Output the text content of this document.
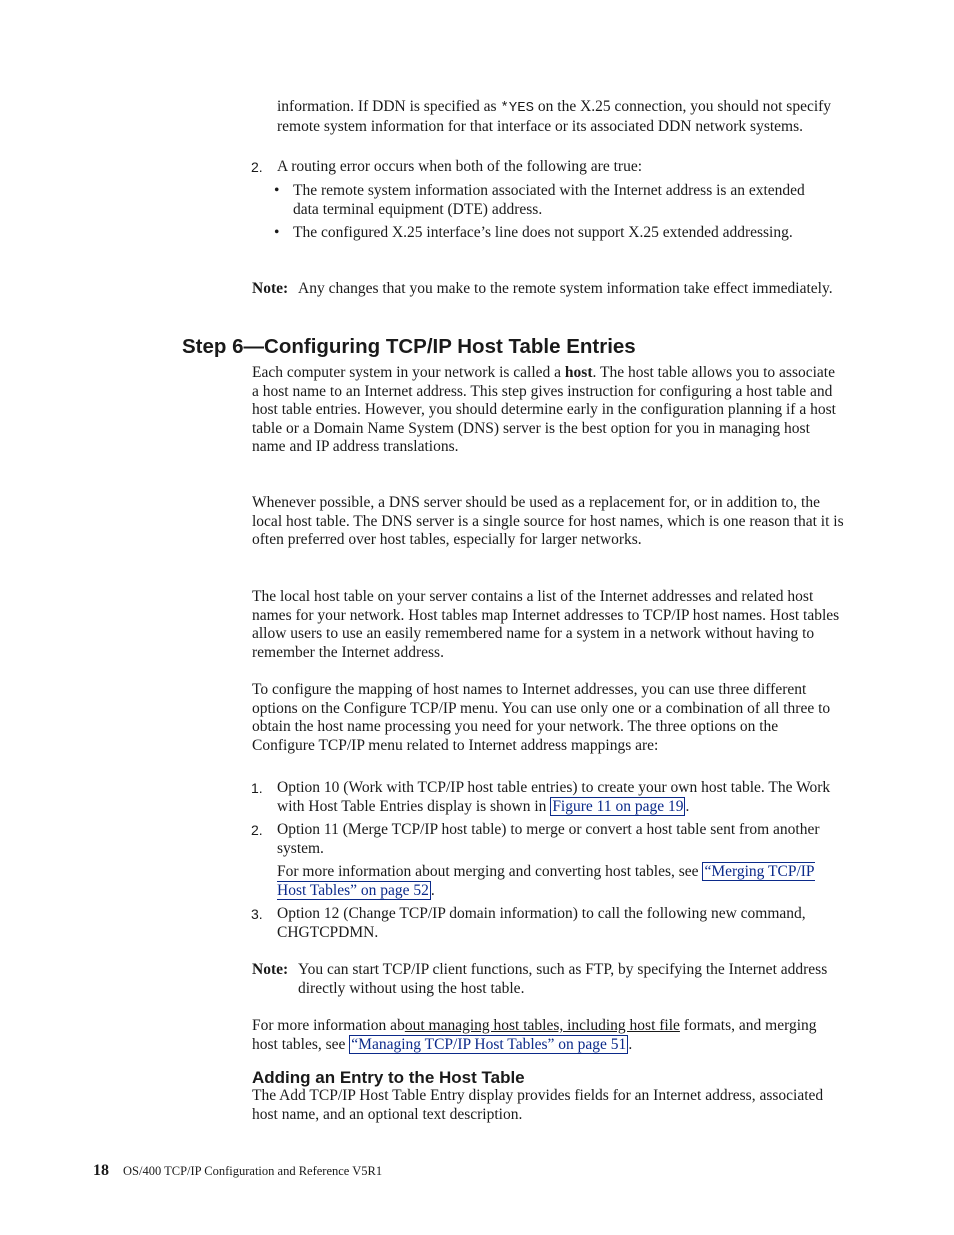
information. If DDN is specified as *YES on the X.25 connection, you should not specify remote system information for that interface or its associated DDN network systems.
2. A routing error occurs when both of the following are true:
• The remote system information associated with the Internet address is an extended data terminal equipment (DTE) address.
• The configured X.25 interface’s line does not support X.25 extended addressing.
Note: Any changes that you make to the remote system information take effect immediately.
Step 6—Configuring TCP/IP Host Table Entries
Each computer system in your network is called a host. The host table allows you to associate a host name to an Internet address. This step gives instruction for configuring a host table and host table entries. However, you should determine early in the configuration planning if a host table or a Domain Name System (DNS) server is the best option for you in managing host name and IP address translations.
Whenever possible, a DNS server should be used as a replacement for, or in addition to, the local host table. The DNS server is a single source for host names, which is one reason that it is often preferred over host tables, especially for larger networks.
The local host table on your server contains a list of the Internet addresses and related host names for your network. Host tables map Internet addresses to TCP/IP host names. Host tables allow users to use an easily remembered name for a system in a network without having to remember the Internet address.
To configure the mapping of host names to Internet addresses, you can use three different options on the Configure TCP/IP menu. You can use only one or a combination of all three to obtain the host name processing you need for your network. The three options on the Configure TCP/IP menu related to Internet address mappings are:
1. Option 10 (Work with TCP/IP host table entries) to create your own host table. The Work with Host Table Entries display is shown in Figure 11 on page 19 .
2. Option 11 (Merge TCP/IP host table) to merge or convert a host table sent from another system.
For more information about merging and converting host tables, see “Merging TCP/IP Host Tables” on page 52 .
3. Option 12 (Change TCP/IP domain information) to call the following new command, CHGTCPDMN.
Note: You can start TCP/IP client functions, such as FTP, by specifying the Internet address directly without using the host table.
For more information about managing host tables, including host file formats, and merging host tables, see “Managing TCP/IP Host Tables” on page 51 .
Adding an Entry to the Host Table
The Add TCP/IP Host Table Entry display provides fields for an Internet address, associated host name, and an optional text description.
18 OS/400 TCP/IP Configuration and Reference V5R1
